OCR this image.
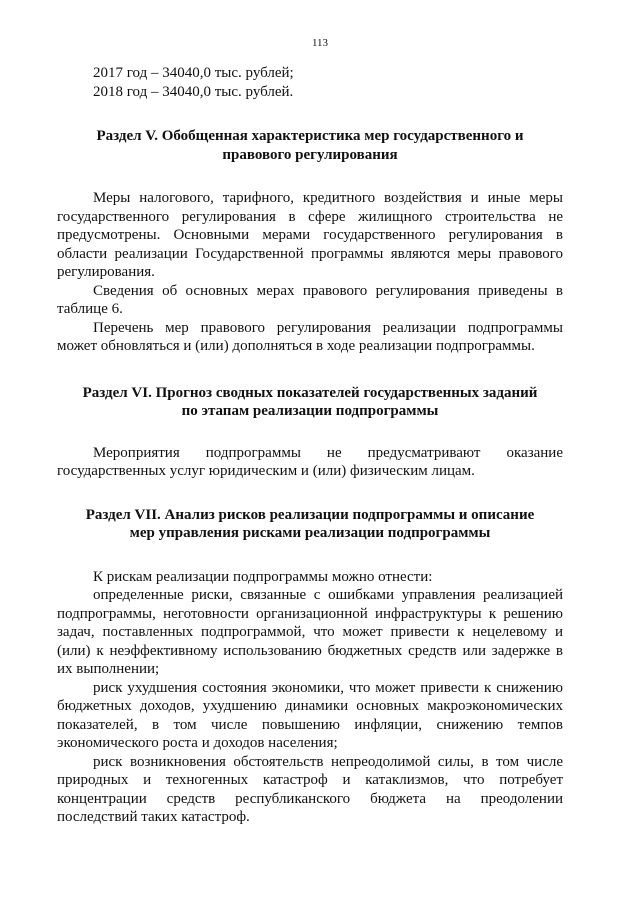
113

2017 год – 34040,0 тыс. рублей;

2018 год – 34040,0 тыс. рублей.

Раздел V. Обобщенная характеристика мер государственного и
правового регулирования

Меры налогового, тарифного, кредитного воздействия и иные меры государственного регулирования в сфере жилищного строительства не предусмотрены. Основными мерами государственного регулирования в области реализации Государственной программы являются меры правового регулирования.

Сведения об основных мерах правового регулирования приведены в таблице 6.

Перечень мер правового регулирования реализации подпрограммы может обновляться и (или) дополняться в ходе реализации подпрограммы.

Раздел VI. Прогноз сводных показателей государственных заданий
по этапам реализации подпрограммы

Мероприятия подпрограммы не предусматривают оказание государственных услуг юридическим и (или) физическим лицам.

Раздел VII. Анализ рисков реализации подпрограммы и описание
мер управления рисками реализации подпрограммы

К рискам реализации подпрограммы можно отнести:

определенные риски, связанные с ошибками управления реализацией подпрограммы, неготовности организационной инфраструктуры к решению задач, поставленных подпрограммой, что может привести к нецелевому и (или) к неэффективному использованию бюджетных средств или задержке в их выполнении;

риск ухудшения состояния экономики, что может привести к снижению бюджетных доходов, ухудшению динамики основных макроэкономических показателей, в том числе повышению инфляции, снижению темпов экономического роста и доходов населения;

риск возникновения обстоятельств непреодолимой силы, в том числе природных и техногенных катастроф и катаклизмов, что потребует концентрации средств республиканского бюджета на преодолении последствий таких катастроф.
